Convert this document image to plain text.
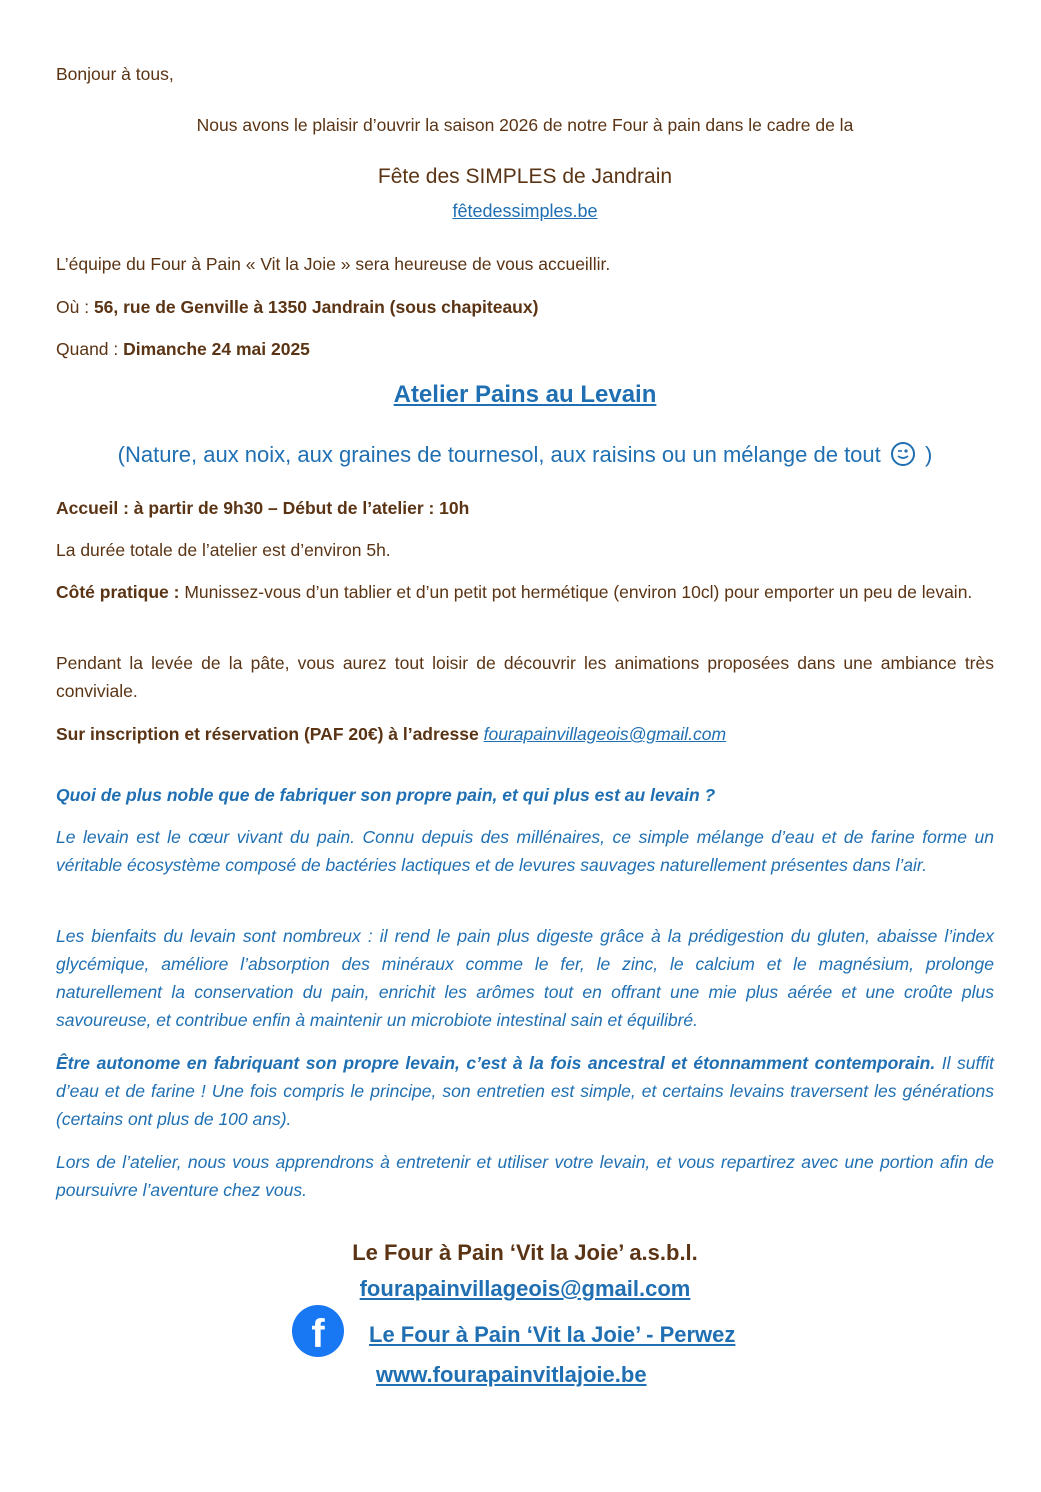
Bonjour à tous,
Nous avons le plaisir d’ouvrir la saison 2026 de notre Four à pain dans le cadre de la
Fête des SIMPLES de Jandrain
fêtedessimples.be
L’équipe du Four à Pain « Vit la Joie » sera heureuse de vous accueillir.
Où : 56, rue de Genville à 1350 Jandrain (sous chapiteaux)
Quand : Dimanche 24 mai 2025
Atelier Pains au Levain
(Nature, aux noix, aux graines de tournesol, aux raisins ou un mélange de tout )
Accueil : à partir de 9h30 – Début de l’atelier : 10h
La durée totale de l’atelier est d’environ 5h.
Côté pratique : Munissez-vous d’un tablier et d’un petit pot hermétique (environ 10cl) pour emporter un peu de levain.
Pendant la levée de la pâte, vous aurez tout loisir de découvrir les animations proposées dans une ambiance très conviviale.
Sur inscription et réservation (PAF 20€) à l’adresse fourapainvillageois@gmail.com
Quoi de plus noble que de fabriquer son propre pain, et qui plus est au levain ?
Le levain est le cœur vivant du pain. Connu depuis des millénaires, ce simple mélange d’eau et de farine forme un véritable écosystème composé de bactéries lactiques et de levures sauvages naturellement présentes dans l’air.
Les bienfaits du levain sont nombreux : il rend le pain plus digeste grâce à la prédigestion du gluten, abaisse l’index glycémique, améliore l’absorption des minéraux comme le fer, le zinc, le calcium et le magnésium, prolonge naturellement la conservation du pain, enrichit les arômes tout en offrant une mie plus aérée et une croûte plus savoureuse, et contribue enfin à maintenir un microbiote intestinal sain et équilibré.
Être autonome en fabriquant son propre levain, c’est à la fois ancestral et étonnamment contemporain. Il suffit d’eau et de farine ! Une fois compris le principe, son entretien est simple, et certains levains traversent les générations (certains ont plus de 100 ans).
Lors de l’atelier, nous vous apprendrons à entretenir et utiliser votre levain, et vous repartirez avec une portion afin de poursuivre l’aventure chez vous.
Le Four à Pain ‘Vit la Joie’ a.s.b.l.
fourapainvillageois@gmail.com
f	Le Four à Pain ‘Vit la Joie’ - Perwez
www.fourapainvitlajoie.be
